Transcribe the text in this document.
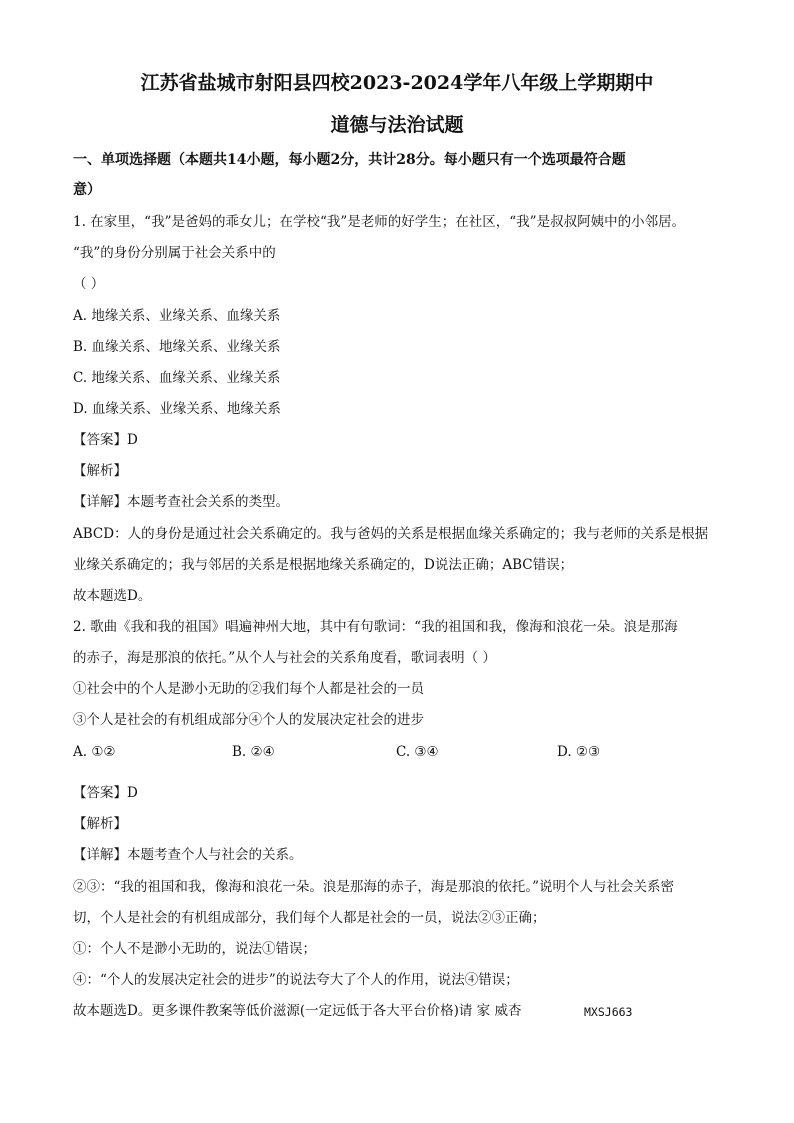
江苏省盐城市射阳县四校2023-2024学年八年级上学期期中
道德与法治试题
一、单项选择题（本题共14小题，每小题2分，共计28分。每小题只有一个选项最符合题
意）
1. 在家里，“我”是爸妈的乖女儿；在学校“我”是老师的好学生；在社区，“我”是叔叔阿姨中的小邻居。
“我”的身份分别属于社会关系中的
（ ）
A. 地缘关系、业缘关系、血缘关系
B. 血缘关系、地缘关系、业缘关系
C. 地缘关系、血缘关系、业缘关系
D. 血缘关系、业缘关系、地缘关系
【答案】D
【解析】
【详解】本题考查社会关系的类型。
ABCD：人的身份是通过社会关系确定的。我与爸妈的关系是根据血缘关系确定的；我与老师的关系是根据
业缘关系确定的；我与邻居的关系是根据地缘关系确定的，D说法正确；ABC错误；
故本题选D。
2. 歌曲《我和我的祖国》唱遍神州大地，其中有句歌词：“我的祖国和我，像海和浪花一朵。浪是那海
的赤子，海是那浪的依托。”从个人与社会的关系角度看，歌词表明（ ）
①社会中的个人是渺小无助的②我们每个人都是社会的一员
③个人是社会的有机组成部分④个人的发展决定社会的进步
A. ①②	B. ②④	C. ③④	D. ②③
【答案】D
【解析】
【详解】本题考查个人与社会的关系。
②③：“我的祖国和我，像海和浪花一朵。浪是那海的赤子，海是那浪的依托。”说明个人与社会关系密
切，个人是社会的有机组成部分，我们每个人都是社会的一员，说法②③正确；
①：个人不是渺小无助的，说法①错误；
④：“个人的发展决定社会的进步”的说法夸大了个人的作用，说法④错误；
故本题选D。更多课件教案等低价滋源(一定远低于各大平台价格)请 家 威杏	MXSJ663
